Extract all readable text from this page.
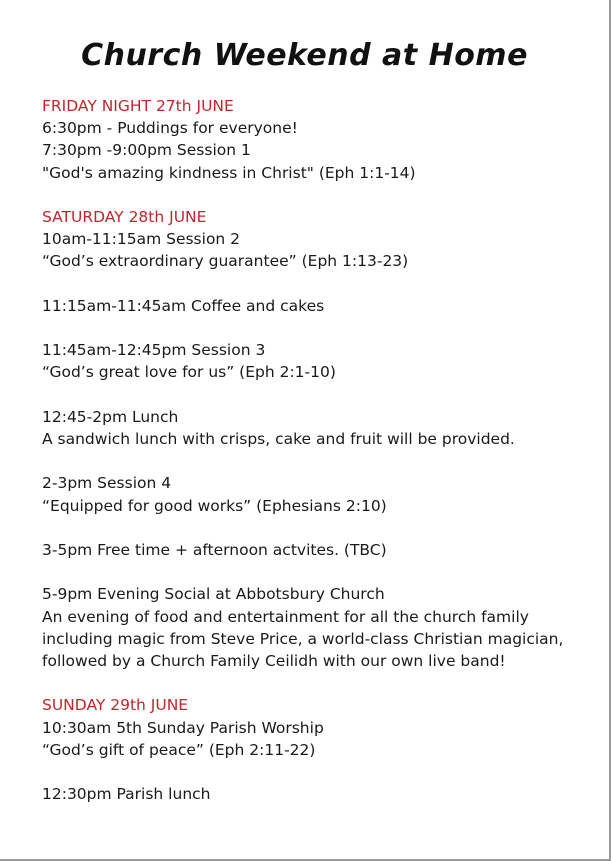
Church Weekend at Home
FRIDAY NIGHT 27th JUNE
6:30pm - Puddings for everyone!
7:30pm -9:00pm Session 1
"God's amazing kindness in Christ" (Eph 1:1-14)
SATURDAY 28th JUNE
10am-11:15am Session 2
“God’s extraordinary guarantee” (Eph 1:13-23)
11:15am-11:45am Coffee and cakes
11:45am-12:45pm Session 3
“God’s great love for us” (Eph 2:1-10)
12:45-2pm Lunch
A sandwich lunch with crisps, cake and fruit will be provided.
2-3pm Session 4
“Equipped for good works” (Ephesians 2:10)
3-5pm Free time + afternoon actvites. (TBC)
5-9pm Evening Social at Abbotsbury Church
An evening of food and entertainment for all the church family including magic from Steve Price, a world-class Christian magician, followed by a Church Family Ceilidh with our own live band!
SUNDAY 29th JUNE
10:30am 5th Sunday Parish Worship
“God’s gift of peace” (Eph 2:11-22)
12:30pm Parish lunch
